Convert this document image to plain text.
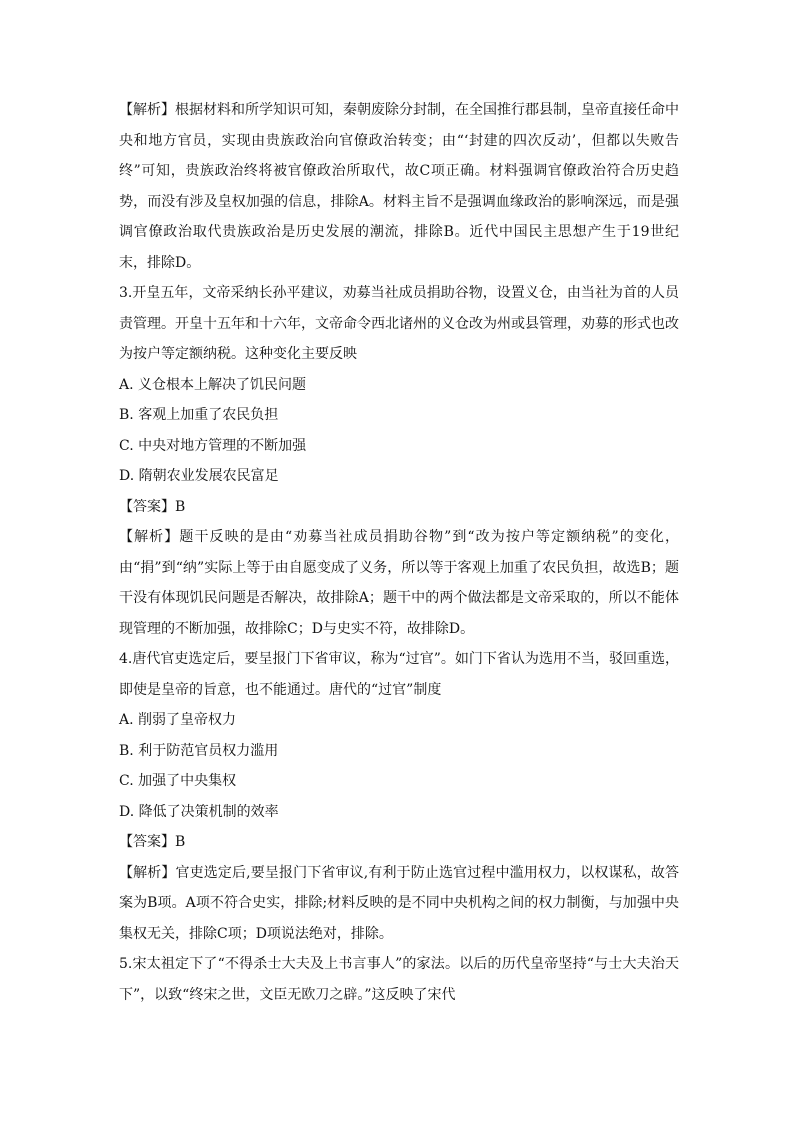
【解析】根据材料和所学知识可知，秦朝废除分封制，在全国推行郡县制，皇帝直接任命中央和地方官员，实现由贵族政治向官僚政治转变；由“‘封建的四次反动’，但都以失败告终”可知，贵族政治终将被官僚政治所取代，故C项正确。材料强调官僚政治符合历史趋势，而没有涉及皇权加强的信息，排除A。材料主旨不是强调血缘政治的影响深远，而是强调官僚政治取代贵族政治是历史发展的潮流，排除B。近代中国民主思想产生于19世纪末，排除D。

3.开皇五年，文帝采纳长孙平建议，劝募当社成员捐助谷物，设置义仓，由当社为首的人员责管理。开皇十五年和十六年，文帝命令西北诸州的义仓改为州或县管理，劝募的形式也改为按户等定额纳税。这种变化主要反映

A. 义仓根本上解决了饥民问题

B. 客观上加重了农民负担

C. 中央对地方管理的不断加强

D. 隋朝农业发展农民富足

【答案】B

【解析】题干反映的是由“劝募当社成员捐助谷物”到“改为按户等定额纳税”的变化，由“捐”到“纳”实际上等于由自愿变成了义务，所以等于客观上加重了农民负担，故选B；题干没有体现饥民问题是否解决，故排除A；题干中的两个做法都是文帝采取的，所以不能体现管理的不断加强，故排除C；D与史实不符，故排除D。

4.唐代官吏选定后，要呈报门下省审议，称为“过官”。如门下省认为选用不当，驳回重选，即使是皇帝的旨意，也不能通过。唐代的“过官”制度

A. 削弱了皇帝权力

B. 利于防范官员权力滥用

C. 加强了中央集权

D. 降低了决策机制的效率

【答案】B

【解析】官吏选定后,要呈报门下省审议,有利于防止选官过程中滥用权力，以权谋私，故答案为B项。A项不符合史实，排除;材料反映的是不同中央机构之间的权力制衡，与加强中央集权无关，排除C项；D项说法绝对，排除。

5.宋太祖定下了“不得杀士大夫及上书言事人”的家法。以后的历代皇帝坚持“与士大夫治天下”，以致“终宋之世，文臣无欧刀之辟。”这反映了宋代
